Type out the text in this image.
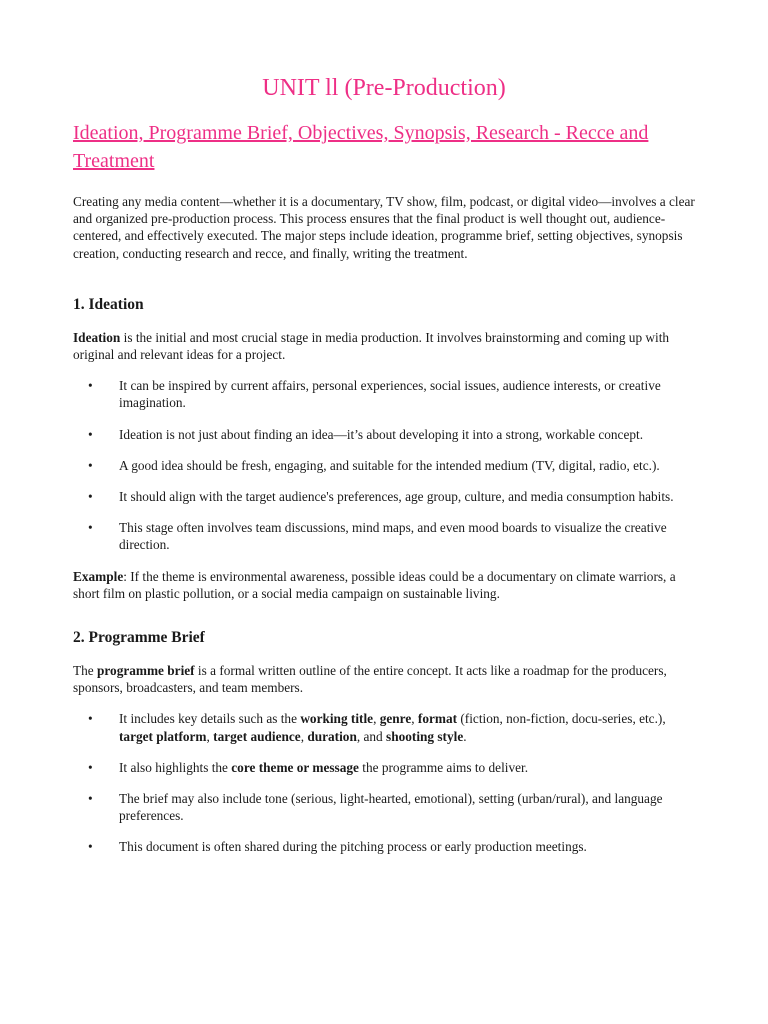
UNIT ll (Pre-Production)
Ideation, Programme Brief, Objectives, Synopsis, Research - Recce and Treatment

Creating any media content—whether it is a documentary, TV show, film, podcast, or digital video—involves a clear and organized pre-production process. This process ensures that the final product is well thought out, audience-centered, and effectively executed. The major steps include ideation, programme brief, setting objectives, synopsis creation, conducting research and recce, and finally, writing the treatment.

1. Ideation

Ideation is the initial and most crucial stage in media production. It involves brainstorming and coming up with original and relevant ideas for a project.

• It can be inspired by current affairs, personal experiences, social issues, audience interests, or creative imagination.
• Ideation is not just about finding an idea—it’s about developing it into a strong, workable concept.
• A good idea should be fresh, engaging, and suitable for the intended medium (TV, digital, radio, etc.).
• It should align with the target audience's preferences, age group, culture, and media consumption habits.
• This stage often involves team discussions, mind maps, and even mood boards to visualize the creative direction.

Example: If the theme is environmental awareness, possible ideas could be a documentary on climate warriors, a short film on plastic pollution, or a social media campaign on sustainable living.

2. Programme Brief

The programme brief is a formal written outline of the entire concept. It acts like a roadmap for the producers, sponsors, broadcasters, and team members.

• It includes key details such as the working title, genre, format (fiction, non-fiction, docu-series, etc.), target platform, target audience, duration, and shooting style.
• It also highlights the core theme or message the programme aims to deliver.
• The brief may also include tone (serious, light-hearted, emotional), setting (urban/rural), and language preferences.
• This document is often shared during the pitching process or early production meetings.
